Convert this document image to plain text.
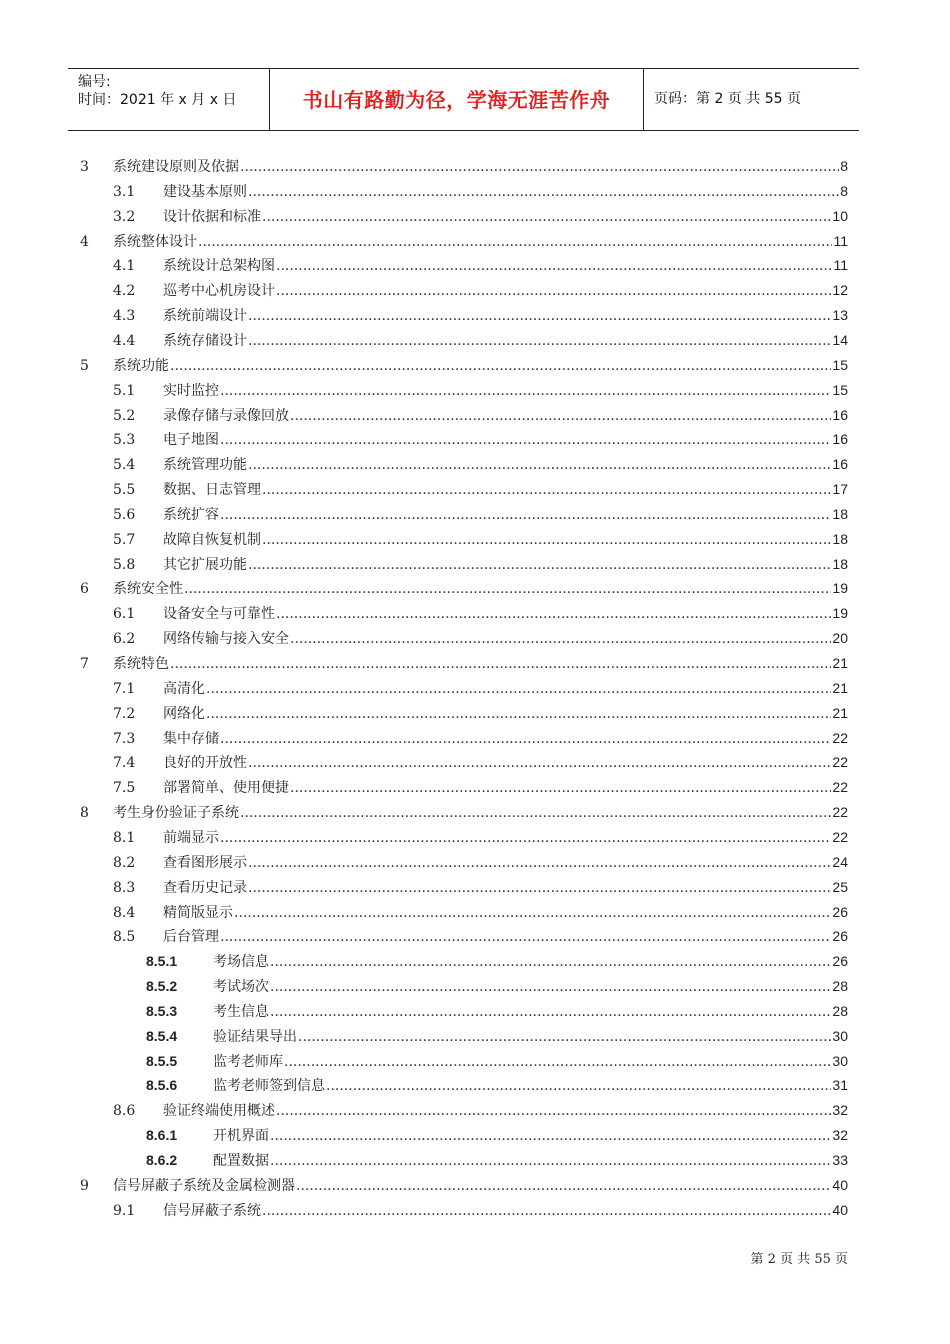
编号:
时间：2021 年 x 月 x 日	书山有路勤为径，学海无涯苦作舟	页码：第 2 页 共 55 页
3	系统建设原则及依据 .....	8
3.1	建设基本原则 .....	8
3.2	设计依据和标准 .....	10
4	系统整体设计 .....	11
4.1	系统设计总架构图 .....	11
4.2	巡考中心机房设计 .....	12
4.3	系统前端设计 .....	13
4.4	系统存储设计 .....	14
5	系统功能 .....	15
5.1	实时监控 .....	15
5.2	录像存储与录像回放 .....	16
5.3	电子地图 .....	16
5.4	系统管理功能 .....	16
5.5	数据、日志管理 .....	17
5.6	系统扩容 .....	18
5.7	故障自恢复机制 .....	18
5.8	其它扩展功能 .....	18
6	系统安全性 .....	19
6.1	设备安全与可靠性 .....	19
6.2	网络传输与接入安全 .....	20
7	系统特色 .....	21
7.1	高清化 .....	21
7.2	网络化 .....	21
7.3	集中存储 .....	22
7.4	良好的开放性 .....	22
7.5	部署简单、使用便捷 .....	22
8	考生身份验证子系统 .....	22
8.1	前端显示 .....	22
8.2	查看图形展示 .....	24
8.3	查看历史记录 .....	25
8.4	精简版显示 .....	26
8.5	后台管理 .....	26
8.5.1	考场信息 .....	26
8.5.2	考试场次 .....	28
8.5.3	考生信息 .....	28
8.5.4	验证结果导出 .....	30
8.5.5	监考老师库 .....	30
8.5.6	监考老师签到信息 .....	31
8.6	验证终端使用概述 .....	32
8.6.1	开机界面 .....	32
8.6.2	配置数据 .....	33
9	信号屏蔽子系统及金属检测器 .....	40
9.1	信号屏蔽子系统 .....	40
第 2 页 共 55 页
